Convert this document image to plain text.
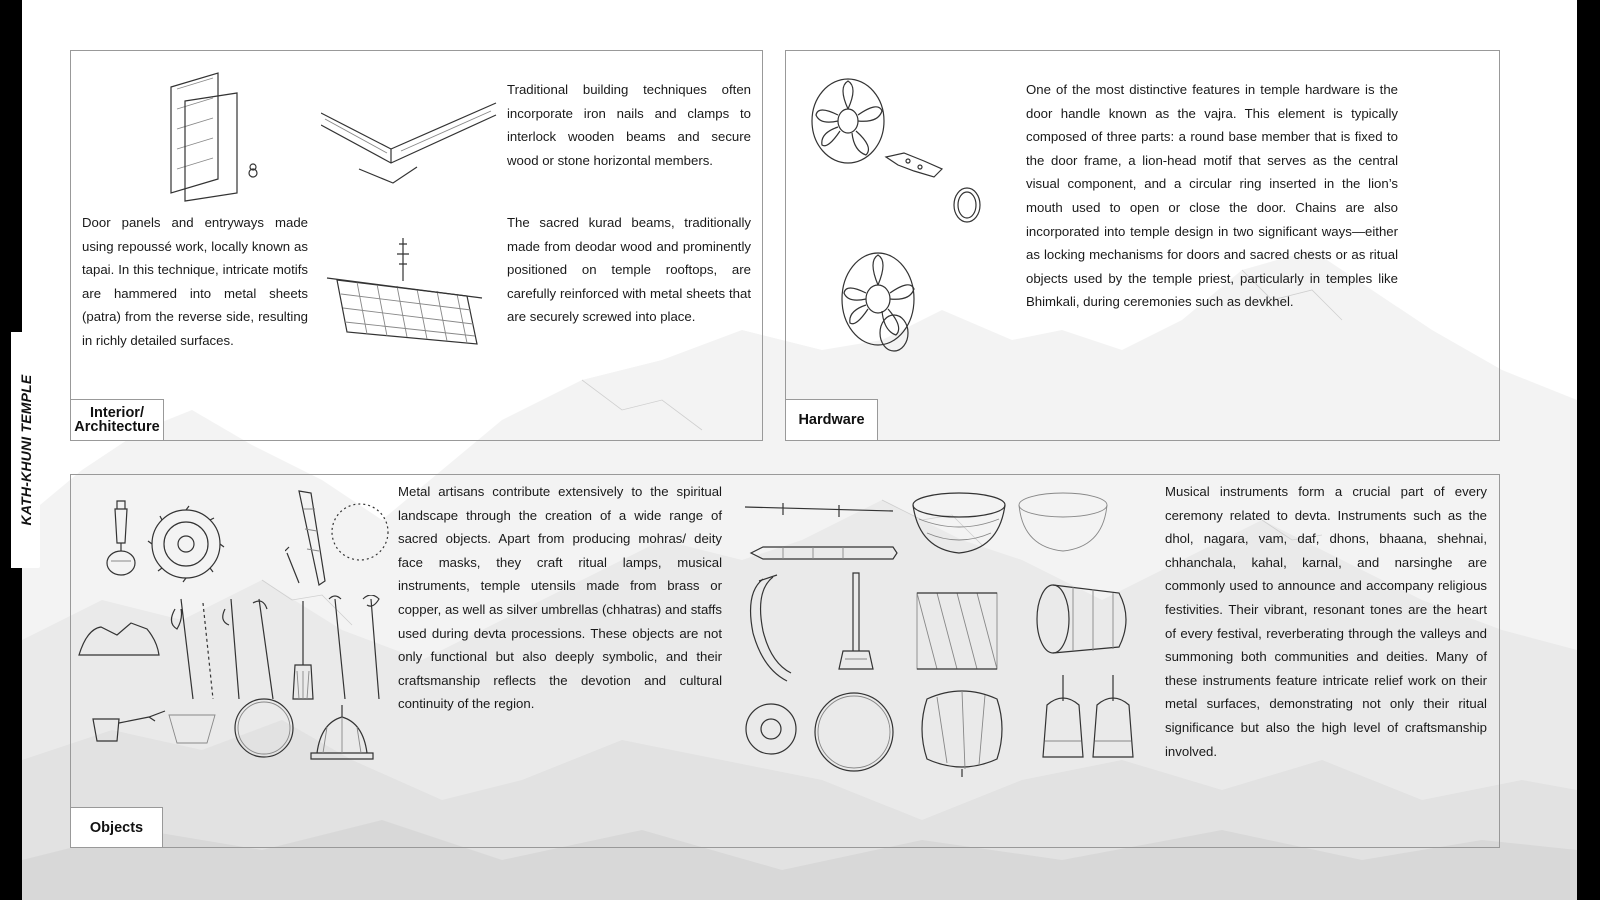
Traditional building techniques often incorporate iron nails and clamps to interlock wooden beams and secure wood or stone horizontal members.
Door panels and entryways made using repoussé work, locally known as tapai. In this technique, intricate motifs are hammered into metal sheets (patra) from the reverse side, resulting in richly detailed surfaces.
The sacred kurad beams, traditionally made from deodar wood and prominently positioned on temple rooftops, are carefully reinforced with metal sheets that are securely screwed into place.
Interior/ Architecture
One of the most distinctive features in temple hardware is the door handle known as the vajra. This element is typically composed of three parts: a round base member that is fixed to the door frame, a lion-head motif that serves as the central visual component, and a circular ring inserted in the lion’s mouth used to open or close the door. Chains are also incorporated into temple design in two significant ways—either as locking mechanisms for doors and sacred chests or as ritual objects used by the temple priest, particularly in temples like Bhimkali, during ceremonies such as devkhel.
Hardware
Metal artisans contribute extensively to the spiritual landscape through the creation of a wide range of sacred objects. Apart from producing mohras/ deity face masks, they craft ritual lamps, musical instruments, temple utensils made from brass or copper, as well as silver umbrellas (chhatras) and staffs used during devta processions. These objects are not only functional but also deeply symbolic, and their craftsmanship reflects the devotion and cultural continuity of the region.
Musical instruments form a crucial part of every ceremony related to devta. Instruments such as the dhol, nagara, vam, daf, dhons, bhaana, shehnai, chhanchala, kahal, karnal, and narsinghe are commonly used to announce and accompany religious festivities. Their vibrant, resonant tones are the heart of every festival, reverberating through the valleys and summoning both communities and deities. Many of these instruments feature intricate relief work on their metal surfaces, demonstrating not only their ritual significance but also the high level of craftsmanship involved.
Objects
KATH-KHUNI TEMPLE
